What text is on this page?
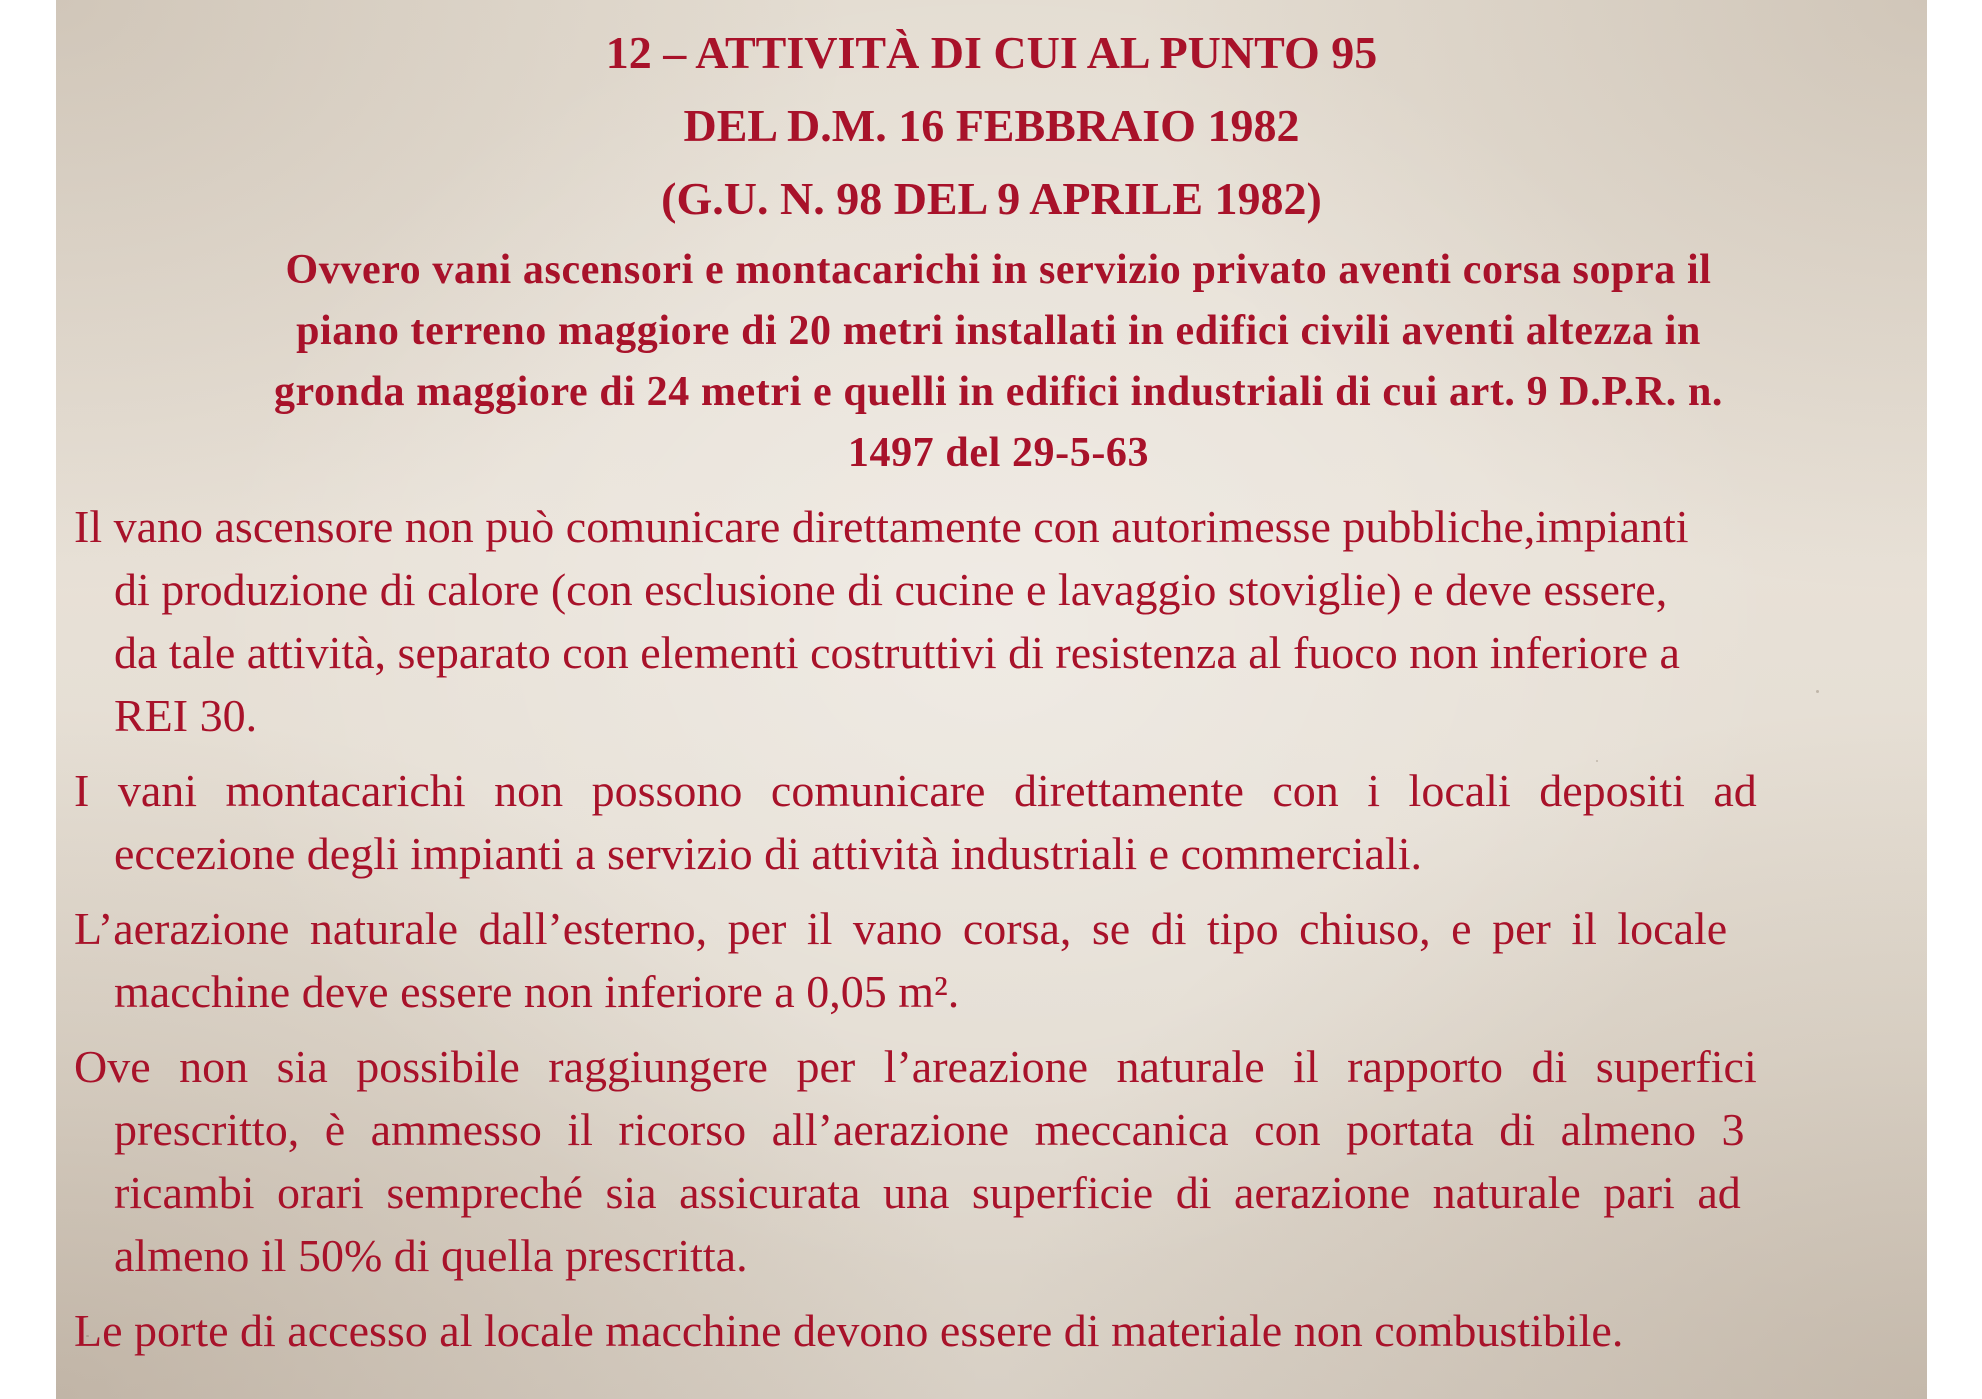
12 – ATTIVITÀ DI CUI AL PUNTO 95
DEL D.M. 16 FEBBRAIO 1982
(G.U. N. 98 DEL 9 APRILE 1982)
Ovvero vani ascensori e montacarichi in servizio privato aventi corsa sopra il
piano terreno maggiore di 20 metri installati in edifici civili aventi altezza in
gronda maggiore di 24 metri e quelli in edifici industriali di cui art. 9 D.P.R. n.
1497 del 29-5-63
Il vano ascensore non può comunicare direttamente con autorimesse pubbliche,impianti
di produzione di calore (con esclusione di cucine e lavaggio stoviglie) e deve essere,
da tale attività, separato con elementi costruttivi di resistenza al fuoco non inferiore a
REI 30.
I vani montacarichi non possono comunicare direttamente con i locali depositi ad
eccezione degli impianti a servizio di attività industriali e commerciali.
L’aerazione naturale dall’esterno, per il vano corsa, se di tipo chiuso, e per il locale
macchine deve essere non inferiore a 0,05 m².
Ove non sia possibile raggiungere per l’areazione naturale il rapporto di superfici
prescritto, è ammesso il ricorso all’aerazione meccanica con portata di almeno 3
ricambi orari sempreché sia assicurata una superficie di aerazione naturale pari ad
almeno il 50% di quella prescritta.
Le porte di accesso al locale macchine devono essere di materiale non combustibile.
